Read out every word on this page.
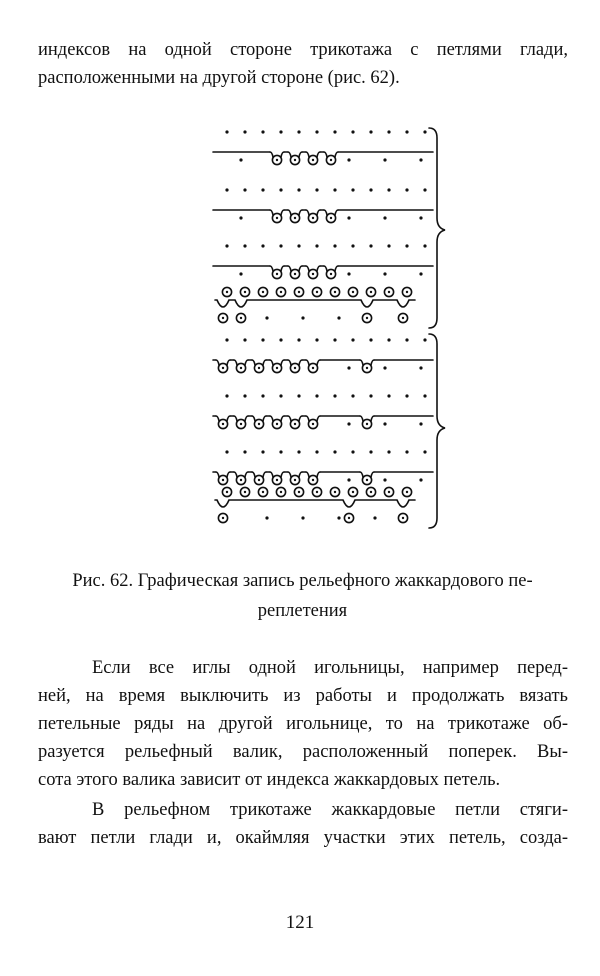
индексов на одной стороне трикотажа с петлями глади,
расположенными на другой стороне (рис. 62).

Рис. 62. Графическая запись рельефного жаккардового пе-
реплетения

Если все иглы одной игольницы, например перед-
ней, на время выключить из работы и продолжать вязать
петельные ряды на другой игольнице, то на трикотаже об-
разуется рельефный валик, расположенный поперек. Вы-
сота этого валика зависит от индекса жаккардовых петель.

В рельефном трикотаже жаккардовые петли стяги-
вают петли глади и, окаймляя участки этих петель, созда-

121
